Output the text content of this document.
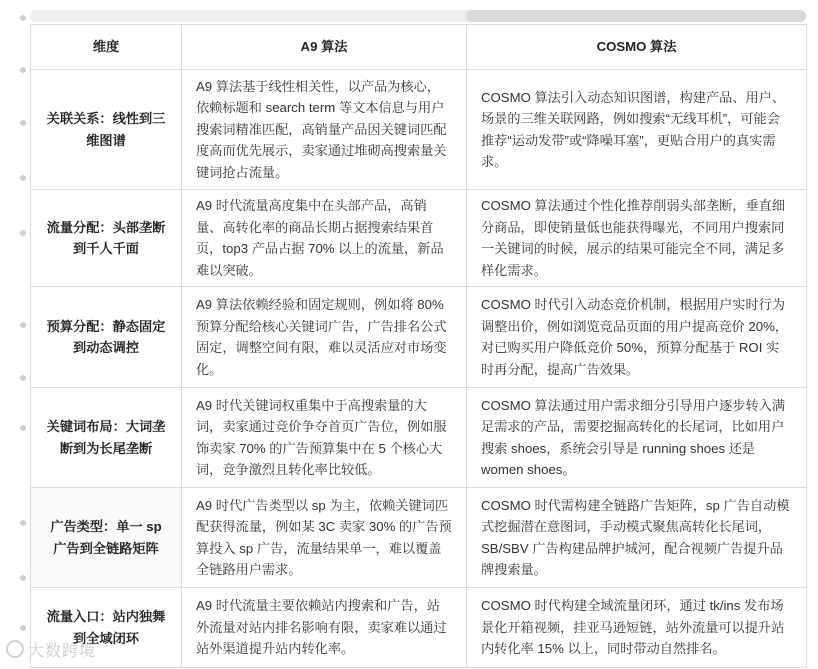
维度	A9 算法	COSMO 算法
关联关系：线性到三维图谱	A9 算法基于线性相关性，以产品为核心，依赖标题和 search term 等文本信息与用户搜索词精准匹配，高销量产品因关键词匹配度高而优先展示，卖家通过堆砌高搜索量关键词抢占流量。	COSMO 算法引入动态知识图谱，构建产品、用户、场景的三维关联网路，例如搜索“无线耳机”，可能会推荐“运动发带”或“降噪耳塞”，更贴合用户的真实需求。
流量分配：头部垄断到千人千面	A9 时代流量高度集中在头部产品，高销量、高转化率的商品长期占据搜索结果首页，top3 产品占据 70% 以上的流量，新品难以突破。	COSMO 算法通过个性化推荐削弱头部垄断，垂直细分商品，即使销量低也能获得曝光，不同用户搜索同一关键词的时候，展示的结果可能完全不同，满足多样化需求。
预算分配：静态固定到动态调控	A9 算法依赖经验和固定规则，例如将 80% 预算分配给核心关键词广告，广告排名公式固定，调整空间有限，难以灵活应对市场变化。	COSMO 时代引入动态竞价机制，根据用户实时行为调整出价，例如浏览竞品页面的用户提高竞价 20%，对已购买用户降低竞价 50%，预算分配基于 ROI 实时再分配，提高广告效果。
关键词布局：大词垄断到为长尾垄断	A9 时代关键词权重集中于高搜索量的大词，卖家通过竞价争夺首页广告位，例如服饰卖家 70% 的广告预算集中在 5 个核心大词，竞争激烈且转化率比较低。	COSMO 算法通过用户需求细分引导用户逐步转入满足需求的产品，需要挖掘高转化的长尾词，比如用户搜索 shoes，系统会引导是 running shoes 还是 women shoes。
广告类型：单一 sp 广告到全链路矩阵	A9 时代广告类型以 sp 为主，依赖关键词匹配获得流量，例如某 3C 卖家 30% 的广告预算投入 sp 广告，流量结果单一，难以覆盖全链路用户需求。	COSMO 时代需构建全链路广告矩阵，sp 广告自动模式挖掘潜在意图词，手动模式聚焦高转化长尾词，SB/SBV 广告构建品牌护城河，配合视频广告提升品牌搜索量。
流量入口：站内独舞到全域闭环	A9 时代流量主要依赖站内搜索和广告，站外流量对站内排名影响有限，卖家难以通过站外渠道提升站内转化率。	COSMO 时代构建全域流量闭环，通过 tk/ins 发布场景化开箱视频，挂亚马逊短链，站外流量可以提升站内转化率 15% 以上，同时带动自然排名。
大数跨境
